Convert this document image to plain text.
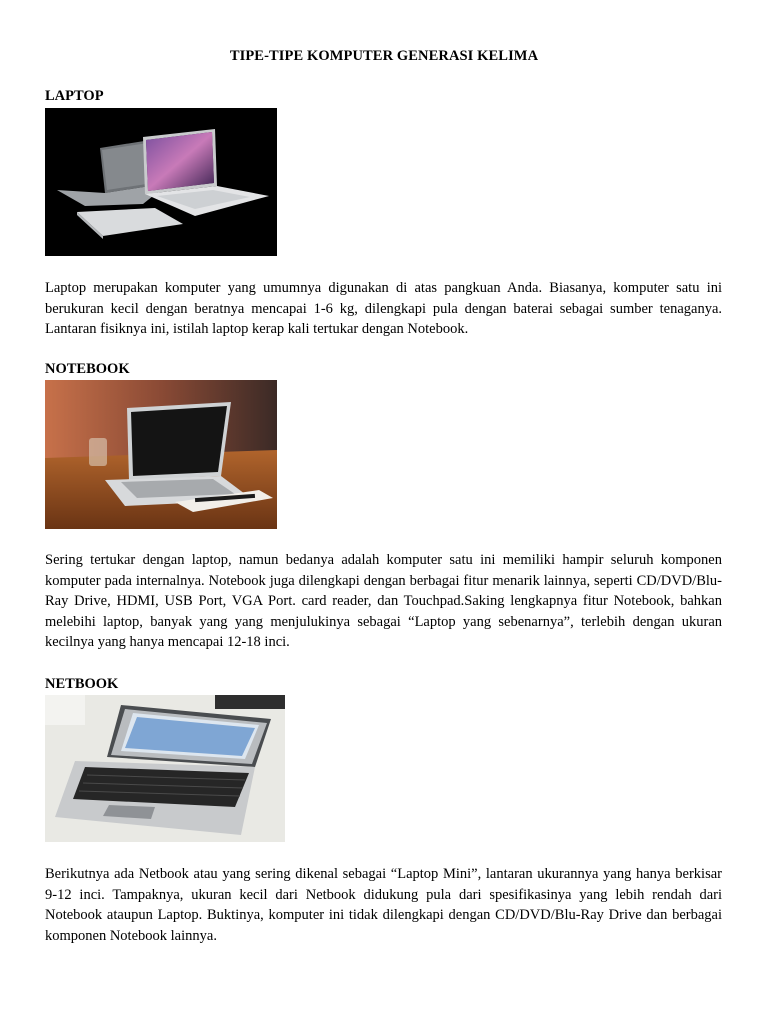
TIPE-TIPE KOMPUTER GENERASI KELIMA
LAPTOP
Laptop merupakan komputer yang umumnya digunakan di atas pangkuan Anda. Biasanya, komputer satu ini berukuran kecil dengan beratnya mencapai 1-6 kg, dilengkapi pula dengan baterai sebagai sumber tenaganya. Lantaran fisiknya ini, istilah laptop kerap kali tertukar dengan Notebook.
NOTEBOOK
Sering tertukar dengan laptop, namun bedanya adalah komputer satu ini memiliki hampir seluruh komponen komputer pada internalnya. Notebook juga dilengkapi dengan berbagai fitur menarik lainnya, seperti CD/DVD/Blu-Ray Drive, HDMI, USB Port, VGA Port. card reader, dan Touchpad.Saking lengkapnya fitur Notebook, bahkan melebihi laptop, banyak yang yang menjulukinya sebagai “Laptop yang sebenarnya”, terlebih dengan ukuran kecilnya yang hanya mencapai 12-18 inci.
NETBOOK
Berikutnya ada Netbook atau yang sering dikenal sebagai “Laptop Mini”, lantaran ukurannya yang hanya berkisar 9-12 inci. Tampaknya, ukuran kecil dari Netbook didukung pula dari spesifikasinya yang lebih rendah dari Notebook ataupun Laptop. Buktinya, komputer ini tidak dilengkapi dengan CD/DVD/Blu-Ray Drive dan berbagai komponen Notebook lainnya.
